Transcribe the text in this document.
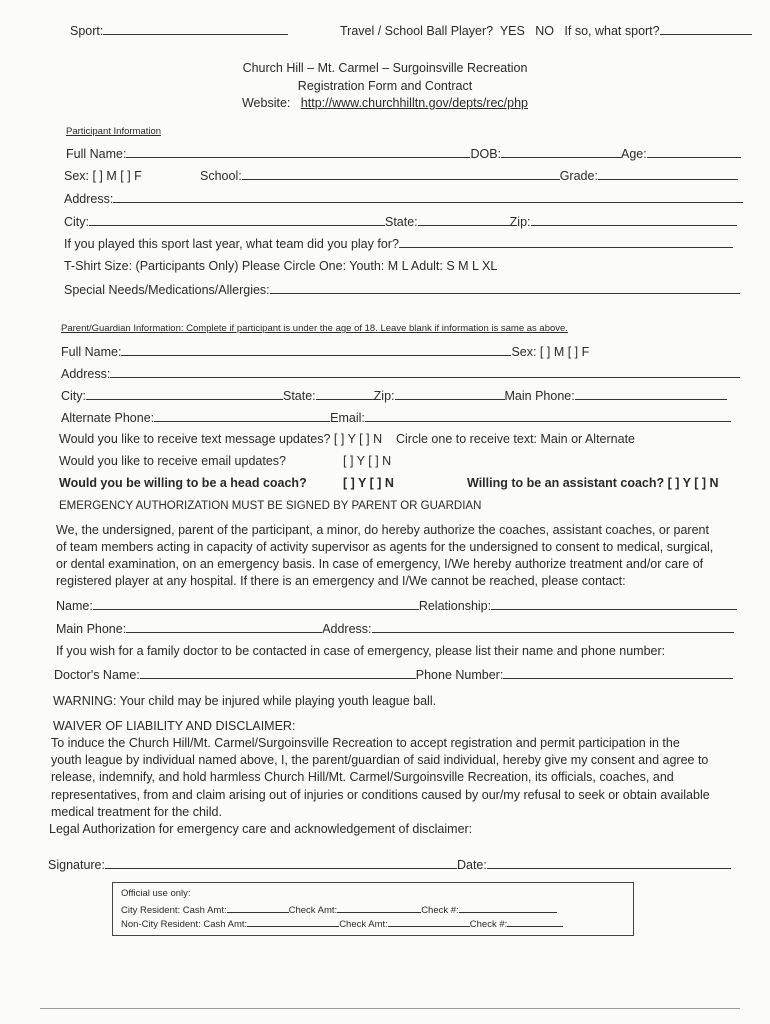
Sport:	Travel / School Ball Player? YES NO If so, what sport?
Church Hill – Mt. Carmel – Surgoinsville Recreation
Registration Form and Contract
Website: http://www.churchhilltn.gov/depts/rec/php
Participant Information
Full Name:	DOB:	Age:
Sex: [ ] M [ ] F	School:	Grade:
Address:
City:	State:	Zip:
If you played this sport last year, what team did you play for?
T-Shirt Size: (Participants Only) Please Circle One: Youth: M L Adult: S M L XL
Special Needs/Medications/Allergies:
Parent/Guardian Information: Complete if participant is under the age of 18. Leave blank if information is same as above.
Full Name:	Sex: [ ] M [ ] F
Address:
City:	State:	Zip:	Main Phone:
Alternate Phone:	Email:
Would you like to receive text message updates? [ ] Y [ ] N Circle one to receive text: Main or Alternate
Would you like to receive email updates?	[ ] Y [ ] N
Would you be willing to be a head coach?	[ ] Y [ ] N	Willing to be an assistant coach? [ ] Y [ ] N
EMERGENCY AUTHORIZATION MUST BE SIGNED BY PARENT OR GUARDIAN
We, the undersigned, parent of the participant, a minor, do hereby authorize the coaches, assistant coaches, or parent
of team members acting in capacity of activity supervisor as agents for the undersigned to consent to medical, surgical,
or dental examination, on an emergency basis. In case of emergency, I/We hereby authorize treatment and/or care of
registered player at any hospital. If there is an emergency and I/We cannot be reached, please contact:
Name:	Relationship:
Main Phone:	Address:
If you wish for a family doctor to be contacted in case of emergency, please list their name and phone number:
Doctor's Name:	Phone Number:
WARNING: Your child may be injured while playing youth league ball.
WAIVER OF LIABILITY AND DISCLAIMER:
To induce the Church Hill/Mt. Carmel/Surgoinsville Recreation to accept registration and permit participation in the
youth league by individual named above, I, the parent/guardian of said individual, hereby give my consent and agree to
release, indemnify, and hold harmless Church Hill/Mt. Carmel/Surgoinsville Recreation, its officials, coaches, and
representatives, from and claim arising out of injuries or conditions caused by our/my refusal to seek or obtain available
medical treatment for the child.
Legal Authorization for emergency care and acknowledgement of disclaimer:
Signature:	Date:
Official use only:
City Resident: Cash Amt:	Check Amt:	Check #:
Non-City Resident: Cash Amt:	Check Amt:	Check #:
